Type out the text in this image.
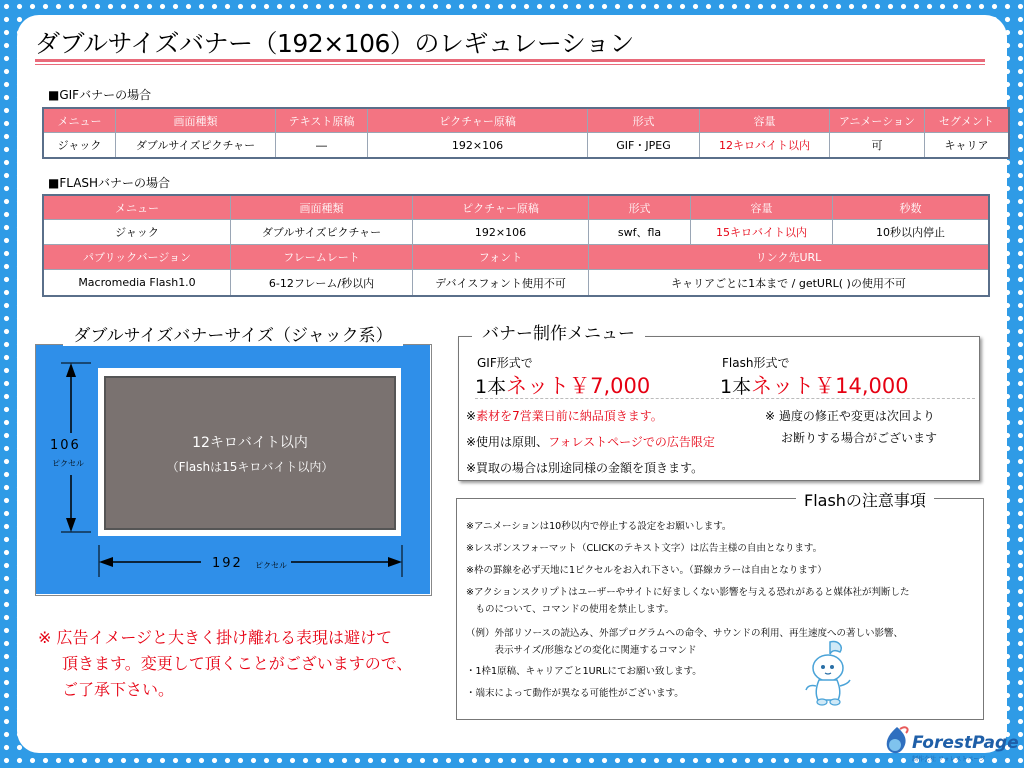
ダブルサイズバナー（192×106）のレギュレーション
■GIFバナーの場合
メニュー	画面種類	テキスト原稿	ピクチャー原稿	形式	容量	アニメーション	セグメント
ジャック	ダブルサイズピクチャー	―	192×106	GIF・JPEG	12キロバイト以内	可	キャリア
■FLASHバナーの場合
メニュー	画面種類	ピクチャー原稿	形式	容量	秒数
ジャック	ダブルサイズピクチャー	192×106	swf、fla	15キロバイト以内	10秒以内停止
パブリックバージョン	フレームレート	フォント	リンク先URL		
Macromedia Flash1.0	6-12フレーム/秒以内	デバイスフォント使用不可	キャリアごとに1本まで / getURL( )の使用不可		
ダブルサイズバナーサイズ（ジャック系）
12キロバイト以内
（Flashは15キロバイト以内）
106
ピクセル
192 ピクセル
※ 広告イメージと大きく掛け離れる表現は避けて
頂きます。変更して頂くことがございますので、
ご了承下さい。
バナー制作メニュー
GIF形式で
1本ネット￥7,000
Flash形式で
1本ネット￥14,000
※素材を7営業日前に納品頂きます。
※使用は原則、フォレストページでの広告限定
※買取の場合は別途同様の金額を頂きます。
※ 過度の修正や変更は次回より
お断りする場合がございます
Flashの注意事項
※アニメーションは10秒以内で停止する設定をお願いします。
※レスポンスフォーマット（CLICKのテキスト文字）は広告主様の自由となります。
※枠の罫線を必ず天地に1ピクセルをお入れ下さい。（罫線カラーは自由となります）
※アクションスクリプトはユーザーやサイトに好ましくない影響を与える恐れがあると媒体社が判断した
　ものについて、コマンドの使用を禁止します。
（例）外部リソースの読込み、外部プログラムへの命令、サウンドの利用、再生速度への著しい影響、
　　　表示サイズ/形態などの変化に関連するコマンド
・1枠1原稿、キャリアごと1URLにてお願い致します。
・端末によって動作が異なる可能性がございます。
ForestPage
制作会社 フォレストページ
